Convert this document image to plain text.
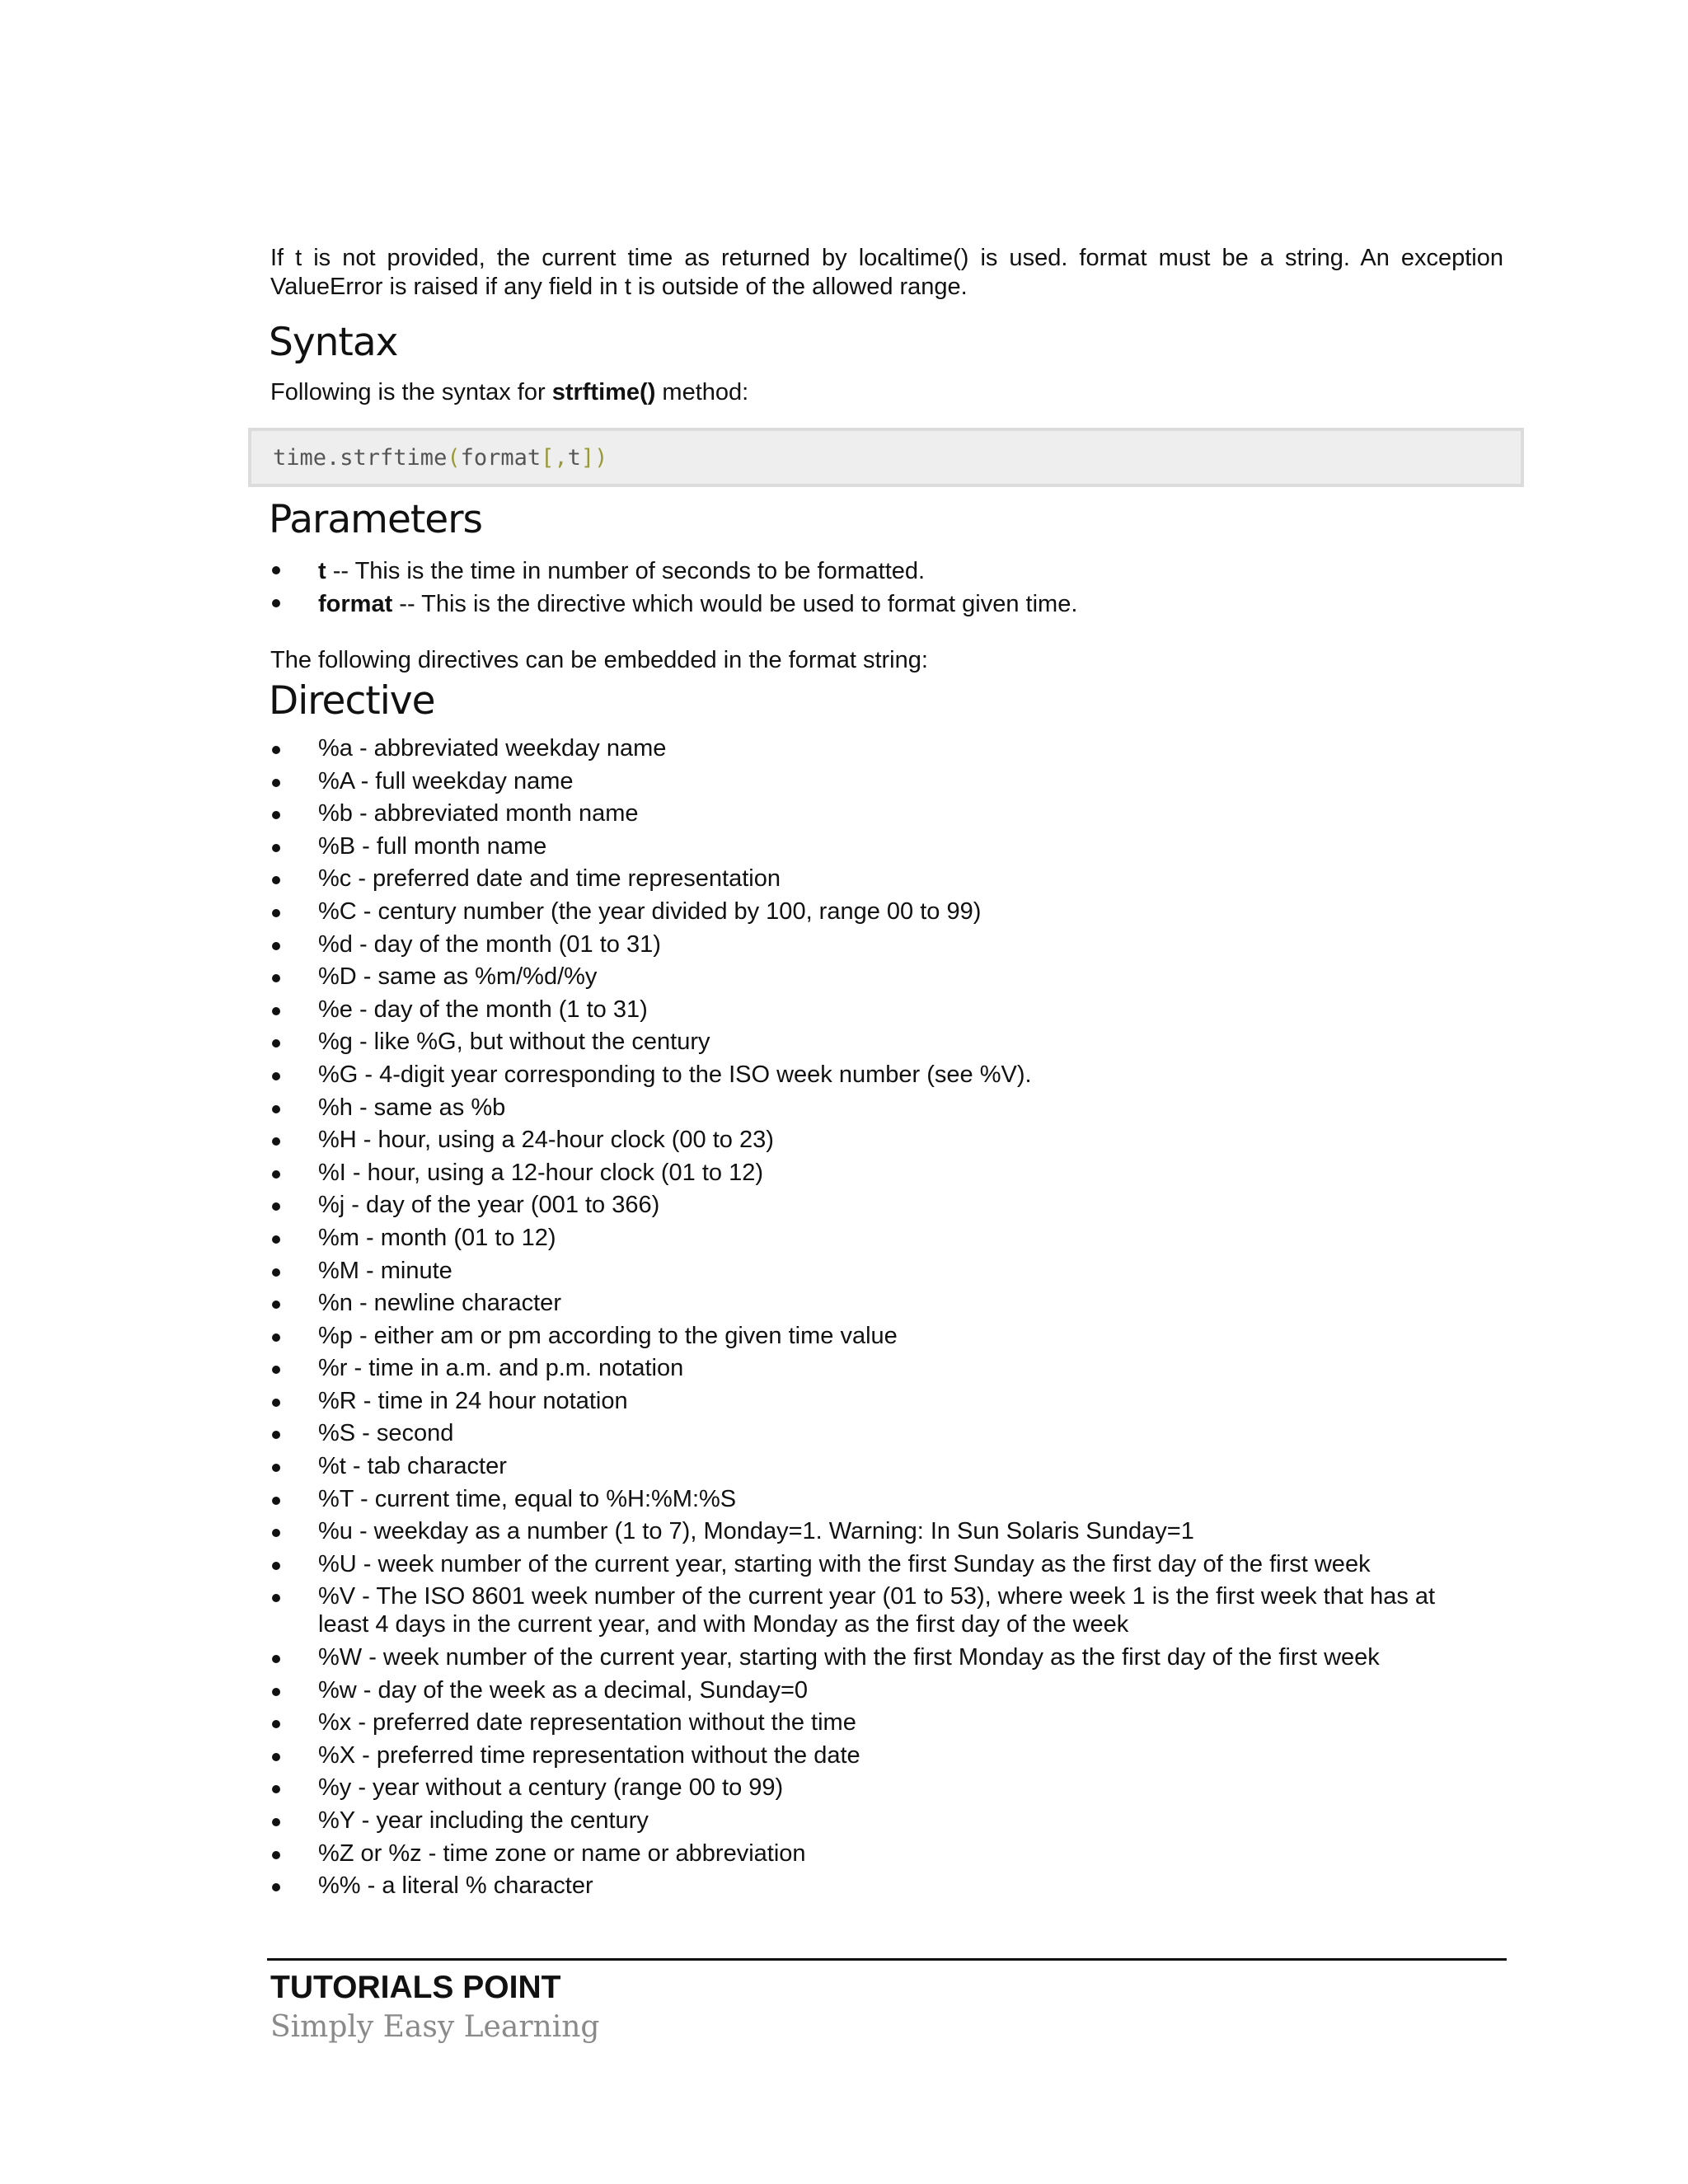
If t is not provided, the current time as returned by localtime() is used. format must be a string. An exception ValueError is raised if any field in t is outside of the allowed range.

Syntax

Following is the syntax for strftime() method:

time.strftime ( format [, t ])
Parameters
t -- This is the time in number of seconds to be formatted.
format -- This is the directive which would be used to format given time.

The following directives can be embedded in the format string:

Directive
%a - abbreviated weekday name
%A - full weekday name
%b - abbreviated month name
%B - full month name
%c - preferred date and time representation
%C - century number (the year divided by 100, range 00 to 99)
%d - day of the month (01 to 31)
%D - same as %m/%d/%y
%e - day of the month (1 to 31)
%g - like %G, but without the century
%G - 4-digit year corresponding to the ISO week number (see %V).
%h - same as %b
%H - hour, using a 24-hour clock (00 to 23)
%I - hour, using a 12-hour clock (01 to 12)
%j - day of the year (001 to 366)
%m - month (01 to 12)
%M - minute
%n - newline character
%p - either am or pm according to the given time value
%r - time in a.m. and p.m. notation
%R - time in 24 hour notation
%S - second
%t - tab character
%T - current time, equal to %H:%M:%S
%u - weekday as a number (1 to 7), Monday=1. Warning: In Sun Solaris Sunday=1
%U - week number of the current year, starting with the first Sunday as the first day of the first week
%V - The ISO 8601 week number of the current year (01 to 53), where week 1 is the first week that has at least 4 days in the current year, and with Monday as the first day of the week
%W - week number of the current year, starting with the first Monday as the first day of the first week
%w - day of the week as a decimal, Sunday=0
%x - preferred date representation without the time
%X - preferred time representation without the date
%y - year without a century (range 00 to 99)
%Y - year including the century
%Z or %z - time zone or name or abbreviation
%% - a literal % character
TUTORIALS POINT
Simply Easy Learning
